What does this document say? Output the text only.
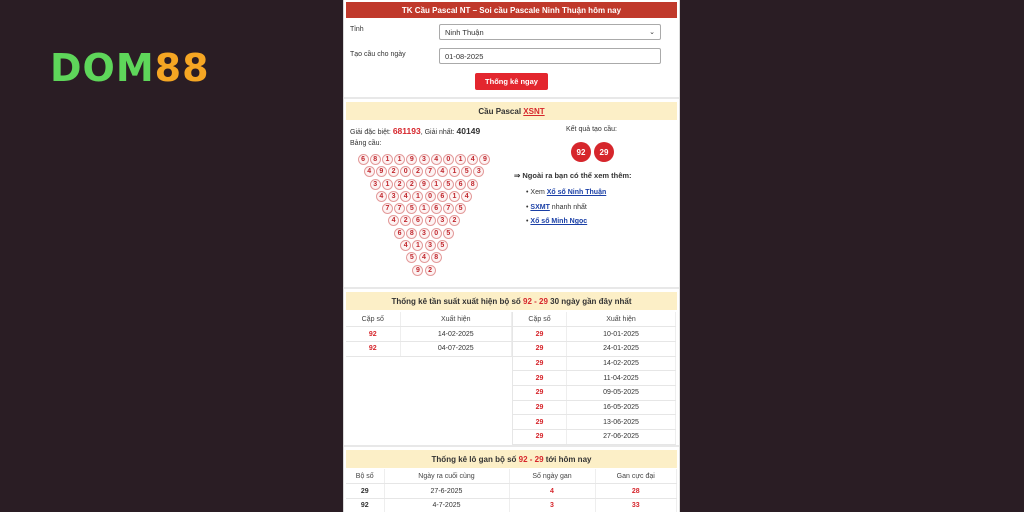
DOM 88
TK Cầu Pascal NT – Soi cầu Pascale Ninh Thuận hôm nay
Tỉnh	Ninh Thuận	⌄
Tạo cầu cho ngày	01-08-2025
Thống kê ngay
Cầu Pascal XSNT
Giải đặc biệt: 681193, Giải nhất: 40149
Bảng cầu:
6	8	1	1	9	3	4	0	1	4	9
4	9	2	0	2	7	4	1	5	3
3	1	2	2	9	1	5	6	8
4	3	4	1	0	6	1	4
7	7	5	1	6	7	5
4	2	6	7	3	2
6	8	3	0	5
4	1	3	5
5	4	8
9	2
Kết quả tạo cầu:
92	29
⇒ Ngoài ra bạn có thể xem thêm:
• Xem Xổ số Ninh Thuận
• SXMT nhanh nhất
• Xổ số Minh Ngọc
Thống kê tần suất xuất hiện bộ số 92 - 29 30 ngày gần đây nhất
Cặp số	Xuất hiện
92	14-02-2025
92	04-07-2025
Cặp số	Xuất hiện
29	10-01-2025
29	24-01-2025
29	14-02-2025
29	11-04-2025
29	09-05-2025
29	16-05-2025
29	13-06-2025
29	27-06-2025
Thống kê lô gan bộ số 92 - 29 tới hôm nay
Bộ số	Ngày ra cuối cùng	Số ngày gan	Gan cực đại
29	27-6-2025	4	28
92	4-7-2025	3	33
